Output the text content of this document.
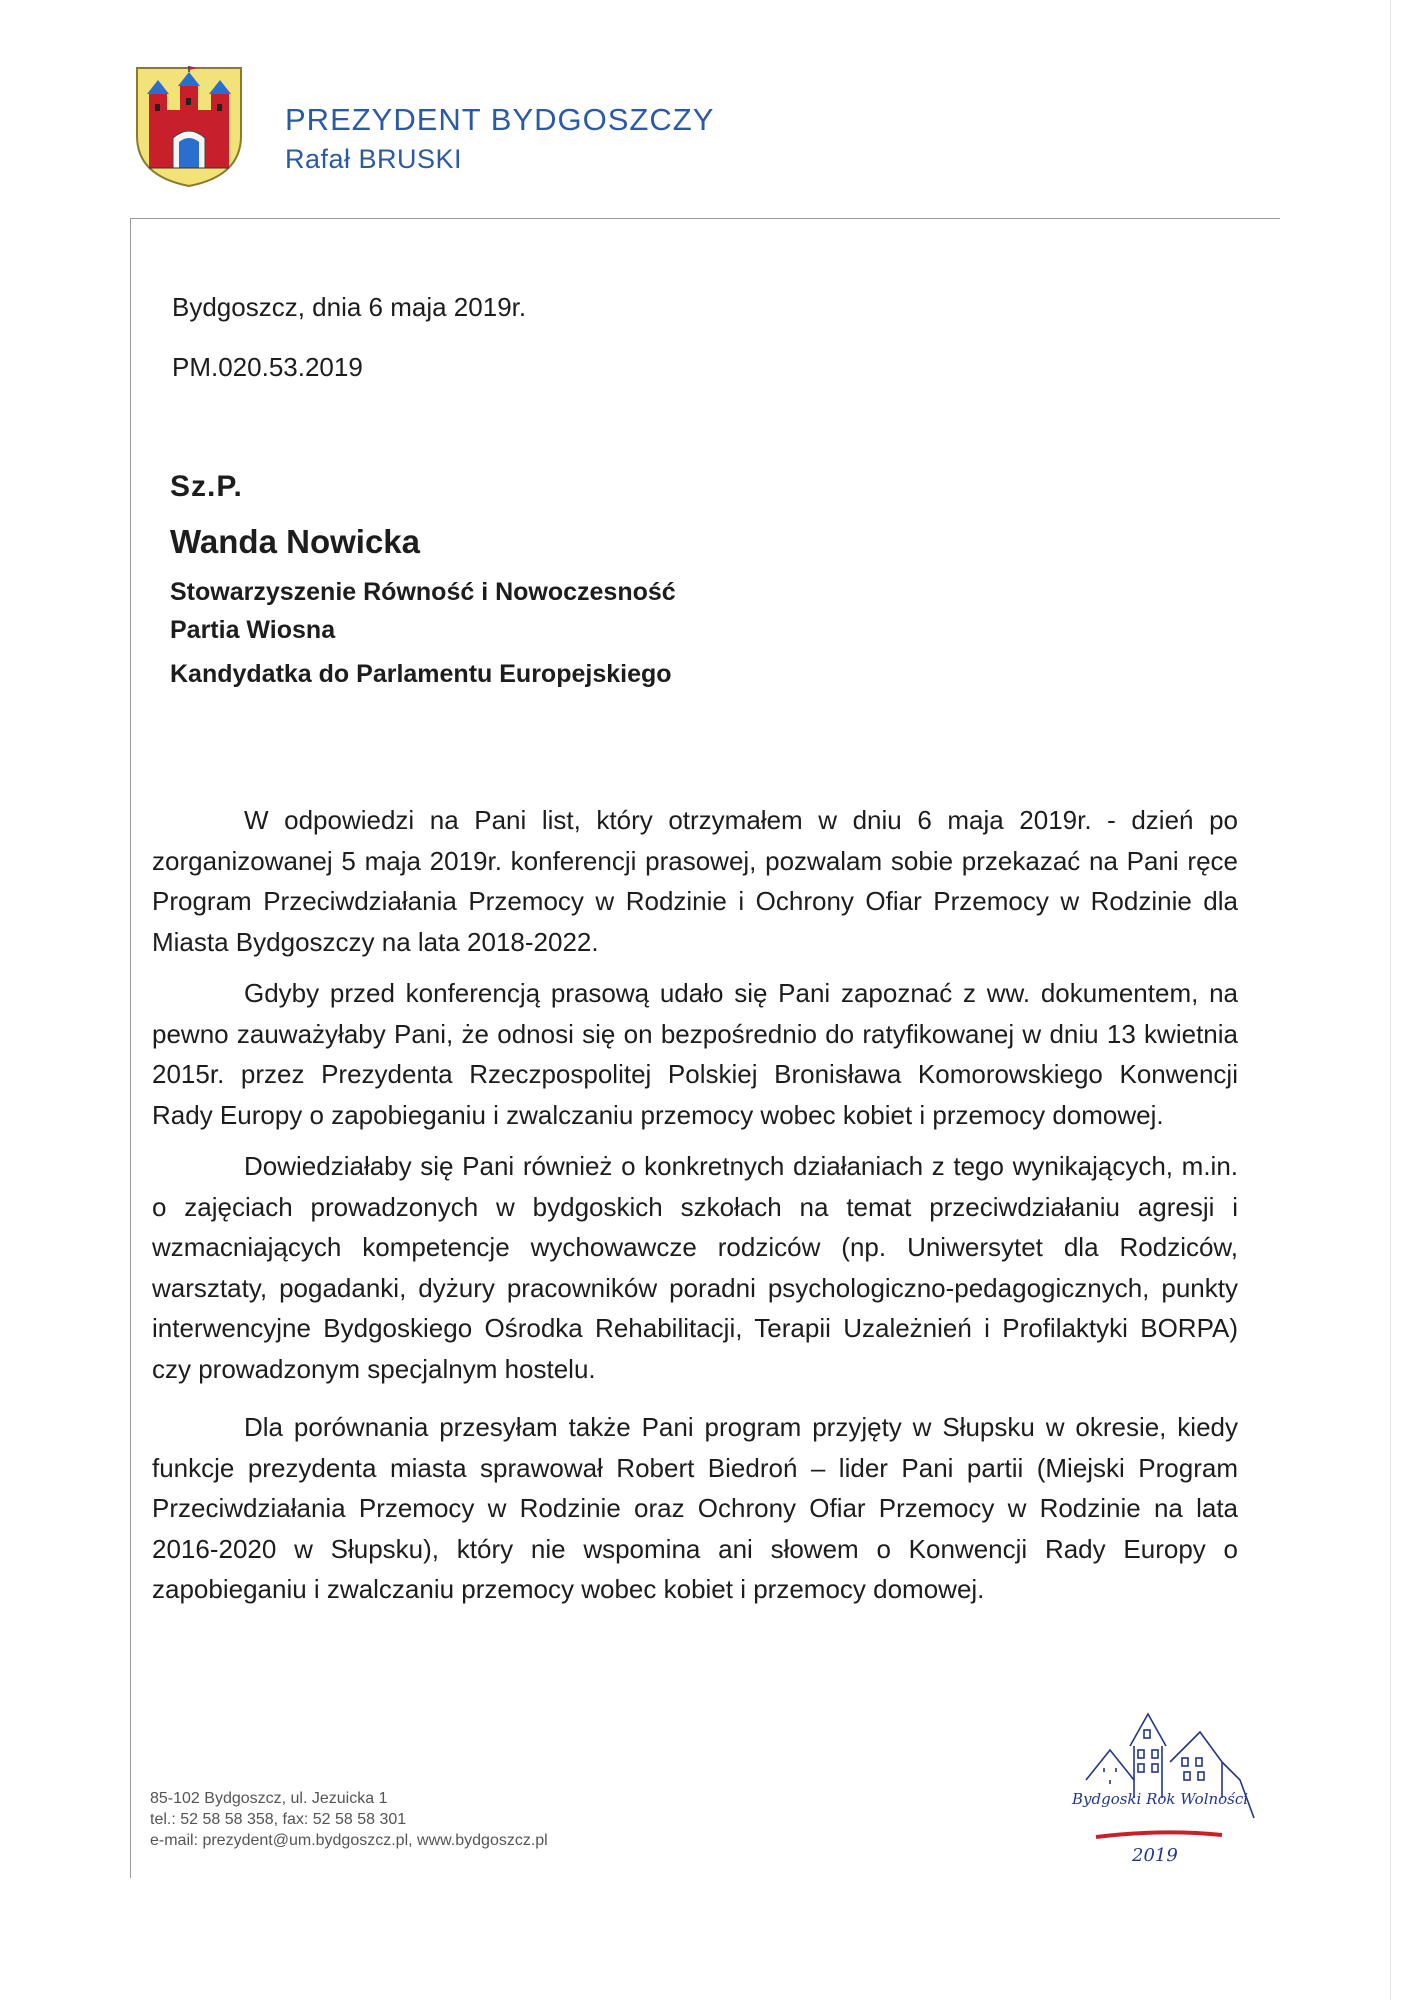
PREZYDENT BYDGOSZCZY
Rafał BRUSKI
Bydgoszcz, dnia 6 maja 2019r.
PM.020.53.2019
Sz.P.
Wanda Nowicka
Stowarzyszenie Równość i Nowoczesność
Partia Wiosna
Kandydatka do Parlamentu Europejskiego

W odpowiedzi na Pani list, który otrzymałem w dniu 6 maja 2019r. - dzień po zorganizowanej 5 maja 2019r. konferencji prasowej, pozwalam sobie przekazać na Pani ręce Program Przeciwdziałania Przemocy w Rodzinie i Ochrony Ofiar Przemocy w Rodzinie dla Miasta Bydgoszczy na lata 2018-2022.

Gdyby przed konferencją prasową udało się Pani zapoznać z ww. dokumentem, na pewno zauważyłaby Pani, że odnosi się on bezpośrednio do ratyfikowanej w dniu 13 kwietnia 2015r. przez Prezydenta Rzeczpospolitej Polskiej Bronisława Komorowskiego Konwencji Rady Europy o zapobieganiu i zwalczaniu przemocy wobec kobiet i przemocy domowej.

Dowiedziałaby się Pani również o konkretnych działaniach z tego wynikających, m.in. o zajęciach prowadzonych w bydgoskich szkołach na temat przeciwdziałaniu agresji i wzmacniających kompetencje wychowawcze rodziców (np. Uniwersytet dla Rodziców, warsztaty, pogadanki, dyżury pracowników poradni psychologiczno-pedagogicznych, punkty interwencyjne Bydgoskiego Ośrodka Rehabilitacji, Terapii Uzależnień i Profilaktyki BORPA) czy prowadzonym specjalnym hostelu.

Dla porównania przesyłam także Pani program przyjęty w Słupsku w okresie, kiedy funkcje prezydenta miasta sprawował Robert Biedroń – lider Pani partii (Miejski Program Przeciwdziałania Przemocy w Rodzinie oraz Ochrony Ofiar Przemocy w Rodzinie na lata 2016-2020 w Słupsku), który nie wspomina ani słowem o Konwencji Rady Europy o zapobieganiu i zwalczaniu przemocy wobec kobiet i przemocy domowej.

85-102 Bydgoszcz, ul. Jezuicka 1
tel.: 52 58 58 358, fax: 52 58 58 301
e-mail: prezydent@um.bydgoszcz.pl, www.bydgoszcz.pl
Bydgoski Rok Wolności
2019
